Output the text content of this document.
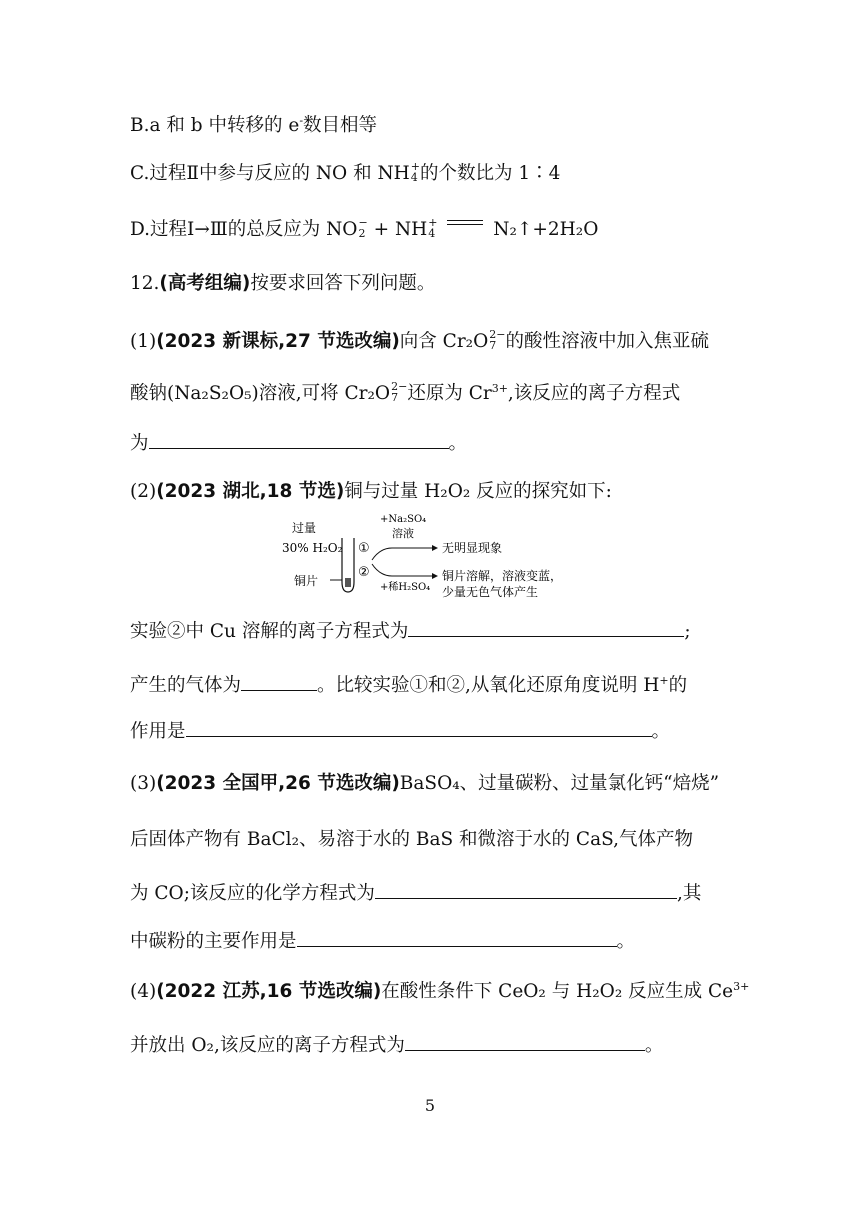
B.a 和 b 中转移的 e-数目相等
C.过程Ⅱ中参与反应的 NO 和 NH +
4 的个数比为 1∶4
D.过程Ⅰ→Ⅲ的总反应为 NO −
2 + NH +
4
	N₂↑+2H₂O
12.(高考组编)按要求回答下列问题。
(1)(2023 新课标,27 节选改编)向含 Cr₂O 2−
7 的酸性溶液中加入焦亚硫
酸钠(Na₂S₂O₅)溶液,可将 Cr₂O 2−
7 还原为 $Cr^{3+}$,该反应的离子方程式
为	。
(2)(2023 湖北,18 节选)铜与过量 H₂O₂ 反应的探究如下:
过量
30% H₂O₂
铜片
①
②
+Na₂SO₄
溶液
+稀H₂SO₄
无明显现象
铜片溶解，溶液变蓝，
少量无色气体产生
实验②中 Cu 溶解的离子方程式为	;
产生的气体为	。比较实验①和②,从氧化还原角度说明 H+的
作用是	。
(3)(2023 全国甲,26 节选改编)BaSO₄、过量碳粉、过量氯化钙“焙烧”
后固体产物有 BaCl₂、易溶于水的 BaS 和微溶于水的 CaS,气体产物
为 CO;该反应的化学方程式为	,其
中碳粉的主要作用是	。
(4)(2022 江苏,16 节选改编)在酸性条件下 CeO₂ 与 H₂O₂ 反应生成 $Ce^{3+}$
并放出 O₂,该反应的离子方程式为	。
5
